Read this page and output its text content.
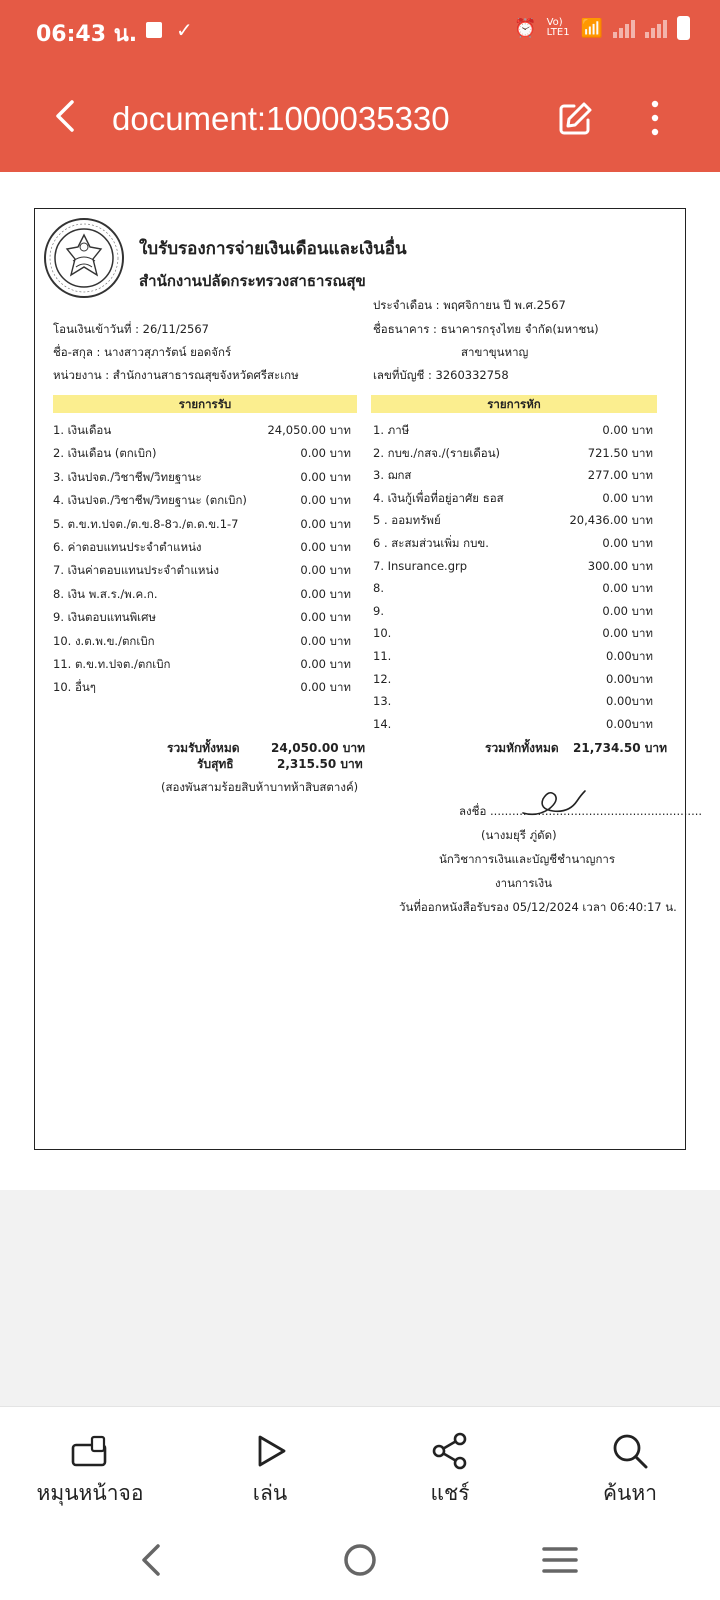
06:43 น. ✓	⏰ Vo) LTE1 📶
document:1000035330
ใบรับรองการจ่ายเงินเดือนและเงินอื่น
สำนักงานปลัดกระทรวงสาธารณสุข
ประจำเดือน : พฤศจิกายน ปี พ.ศ.2567
โอนเงินเข้าวันที่ : 26/11/2567	ชื่อธนาคาร : ธนาคารกรุงไทย จำกัด(มหาชน)
ชื่อ-สกุล : นางสาวสุภารัตน์ ยอดจักร์	สาขาขุนหาญ
หน่วยงาน : สำนักงานสาธารณสุขจังหวัดศรีสะเกษ	เลขที่บัญชี : 3260332758
รายการรับ	รายการหัก
1. เงินเดือน	24,050.00 บาท
2. เงินเดือน (ตกเบิก)	0.00 บาท
3. เงินปจต./วิชาชีพ/วิทยฐานะ	0.00 บาท
4. เงินปจต./วิชาชีพ/วิทยฐานะ (ตกเบิก)	0.00 บาท
5. ต.ข.ท.ปจต./ต.ข.8-8ว./ต.ด.ข.1-7	0.00 บาท
6. ค่าตอบแทนประจำตำแหน่ง	0.00 บาท
7. เงินค่าตอบแทนประจำตำแหน่ง	0.00 บาท
8. เงิน พ.ส.ร./พ.ค.ก.	0.00 บาท
9. เงินตอบแทนพิเศษ	0.00 บาท
10. ง.ต.พ.ข./ตกเบิก	0.00 บาท
11. ต.ข.ท.ปจต./ตกเบิก	0.00 บาท
10. อื่นๆ	0.00 บาท
1. ภาษี	0.00 บาท
2. กบข./กสจ./(รายเดือน)	721.50 บาท
3. ฌกส	277.00 บาท
4. เงินกู้เพื่อที่อยู่อาศัย ธอส	0.00 บาท
5 . ออมทรัพย์	20,436.00 บาท
6 . สะสมส่วนเพิ่ม กบข.	0.00 บาท
7. Insurance.grp	300.00 บาท
8.	0.00 บาท
9.	0.00 บาท
10.	0.00 บาท
11.	0.00บาท
12.	0.00บาท
13.	0.00บาท
14.	0.00บาท
รวมรับทั้งหมด	24,050.00 บาท
รับสุทธิ	2,315.50 บาท
(สองพันสามร้อยสิบห้าบาทห้าสิบสตางค์)
รวมหักทั้งหมด 21,734.50 บาท
ลงชื่อ ..........................................................
(นางมยุรี ภู่ดัด)
นักวิชาการเงินและบัญชีชำนาญการ
งานการเงิน
วันที่ออกหนังสือรับรอง 05/12/2024 เวลา 06:40:17 น.
หมุนหน้าจอ	เล่น	แชร์	ค้นหา
